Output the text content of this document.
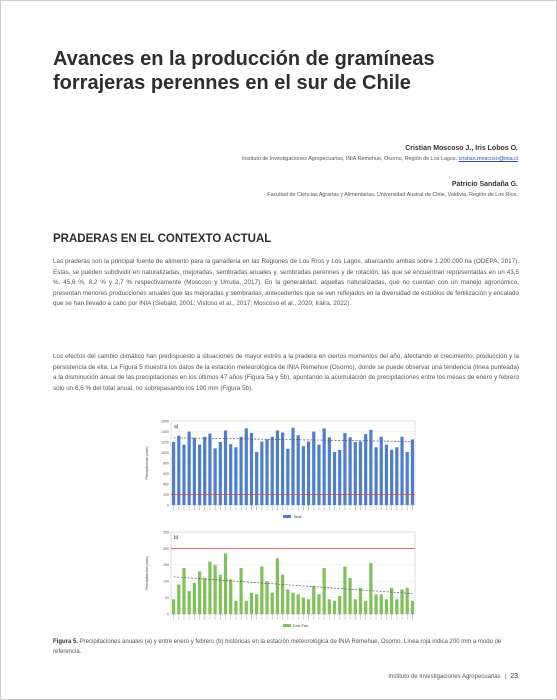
Avances en la producción de gramíneas forrajeras perennes en el sur de Chile
Cristian Moscoso J., Iris Lobos O.
Instituto de Investigaciones Agropecuarias, INIA Remehue, Osorno, Región de Los Lagos. cristian.moscoso@inia.cl
Patricio Sandaña G.
Facultad de Ciencias Agrarias y Alimentarias, Universidad Austral de Chile, Valdivia, Región de Los Ríos.
PRADERAS EN EL CONTEXTO ACTUAL

Las praderas son la principal fuente de alimento para la ganadería en las Regiones de Los Ríos y Los Lagos, abarcando ambas sobre 1.200.000 ha (ODEPA, 2017). Estas, se pueden subdividir en naturalizadas, mejoradas, sembradas anuales y, sembradas perennes y de rotación, las que se encuentran representadas en un 43,5 %, 45,6 %, 8,2 % y 2,7 % respectivamente (Moscoso y Urrutia, 2017). En la generalidad, aquellas naturalizadas, que no cuentan con un manejo agronómico, presentan menores producciones anuales que las mejoradas y sembradas, antecedentes que se ven reflejados en la diversidad de estudios de fertilización y encalado que se han llevado a cabo por INIA (Siebald, 2001; Vistoso et al., 2017; Moscoso et al., 2020; Iraira, 2022).

Los efectos del cambio climático han predispuesto a situaciones de mayor estrés a la pradera en ciertos momentos del año, afectando el crecimiento, producción y la persistencia de ella. La Figura 5 muestra los datos de la estación meteorológica de INIA Remehue (Osorno), donde se puede observar una tendencia (línea punteada) a la disminución anual de las precipitaciones en los últimos 47 años (Figura 5a y 5b), apuntando la acumulación de precipitaciones entre los meses de enero y febrero sólo un 6,6 % del total anual, no sobrepasando los 190 mm (Figura 5b).

0
200
400
600
800
1000
1200
1400
1600
Precipitación (mm)
a)
Total
0
50
100
150
200
250
Precipitación (mm)
b)
Ene-Feb

Figura 5. Precipitaciones anuales (a) y entre enero y febrero (b) históricas en la estación meteorológica de INIA Remehue, Osorno. Línea roja indica 200 mm a modo de referencia.

Instituto de Investigaciones Agropecuarias | 23
